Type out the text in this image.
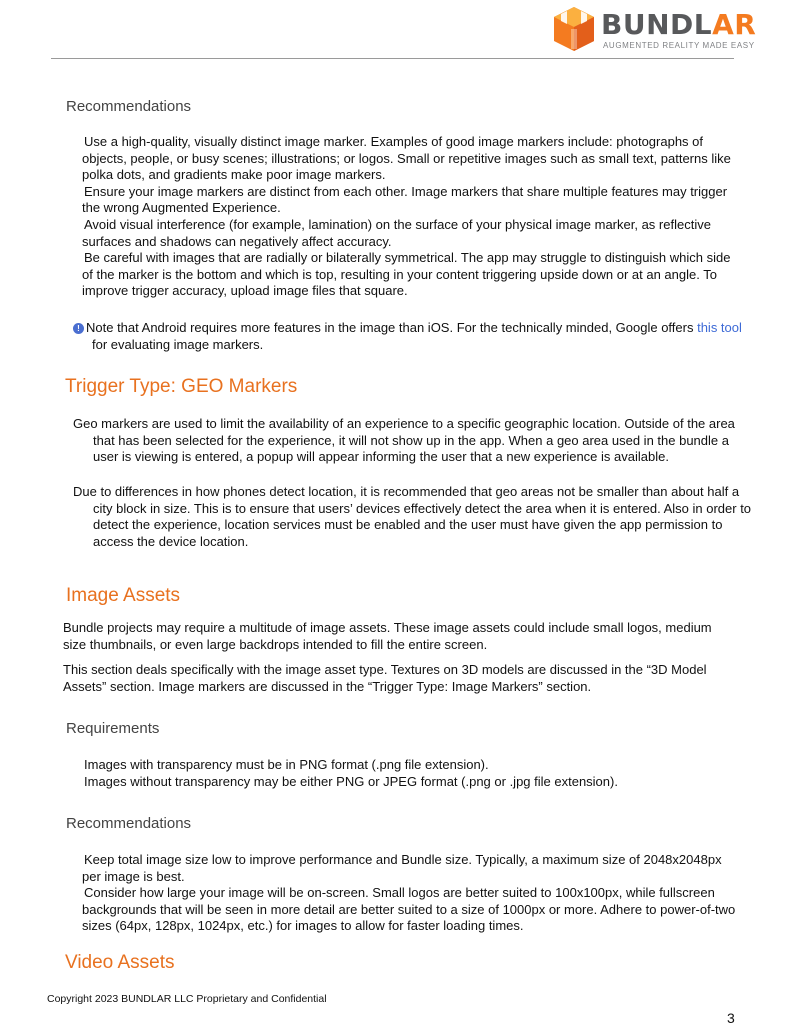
BUNDLAR
AUGMENTED REALITY MADE EASY
Recommendations
Use a high-quality, visually distinct image marker. Examples of good image markers include: photographs of objects, people, or busy scenes; illustrations; or logos. Small or repetitive images such as small text, patterns like polka dots, and gradients make poor image markers.
Ensure your image markers are distinct from each other. Image markers that share multiple features may trigger the wrong Augmented Experience.
Avoid visual interference (for example, lamination) on the surface of your physical image marker, as reflective surfaces and shadows can negatively affect accuracy.
Be careful with images that are radially or bilaterally symmetrical. The app may struggle to distinguish which side of the marker is the bottom and which is top, resulting in your content triggering upside down or at an angle. To improve trigger accuracy, upload image files that square.
! Note that Android requires more features in the image than iOS. For the technically minded, Google offers this tool for evaluating image markers.
Trigger Type: GEO Markers
Geo markers are used to limit the availability of an experience to a specific geographic location. Outside of the area that has been selected for the experience, it will not show up in the app. When a geo area used in the bundle a user is viewing is entered, a popup will appear informing the user that a new experience is available.
Due to differences in how phones detect location, it is recommended that geo areas not be smaller than about half a city block in size. This is to ensure that users’ devices effectively detect the area when it is entered. Also in order to detect the experience, location services must be enabled and the user must have given the app permission to access the device location.
Image Assets
Bundle projects may require a multitude of image assets. These image assets could include small logos, medium size thumbnails, or even large backdrops intended to fill the entire screen.
This section deals specifically with the image asset type. Textures on 3D models are discussed in the “3D Model Assets” section. Image markers are discussed in the “Trigger Type: Image Markers” section.
Requirements
Images with transparency must be in PNG format (.png file extension).
Images without transparency may be either PNG or JPEG format (.png or .jpg file extension).
Recommendations
Keep total image size low to improve performance and Bundle size. Typically, a maximum size of 2048x2048px per image is best.
Consider how large your image will be on-screen. Small logos are better suited to 100x100px, while fullscreen backgrounds that will be seen in more detail are better suited to a size of 1000px or more. Adhere to power-of-two sizes (64px, 128px, 1024px, etc.) for images to allow for faster loading times.
Video Assets
Copyright 2023 BUNDLAR LLC Proprietary and Confidential
3
